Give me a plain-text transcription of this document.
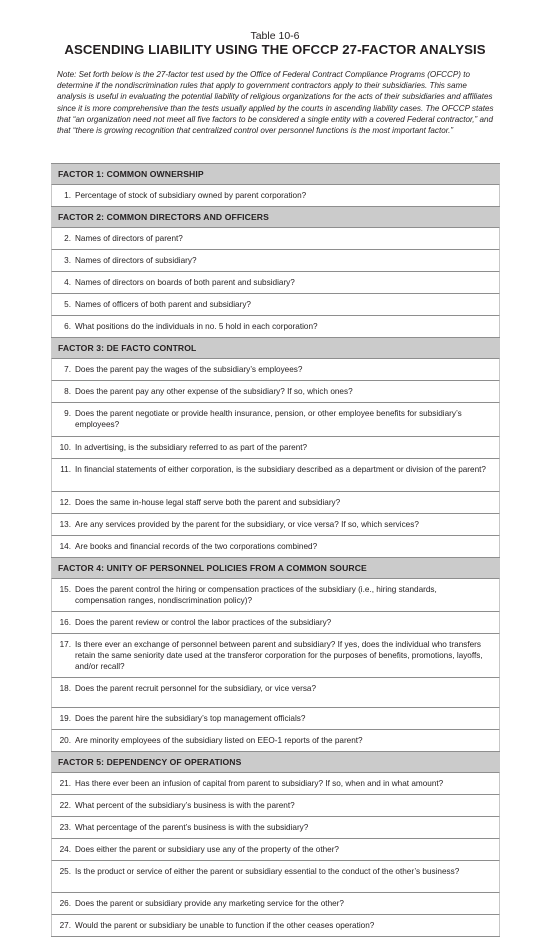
Table 10-6
ASCENDING LIABILITY USING THE OFCCP 27-FACTOR ANALYSIS
Note: Set forth below is the 27-factor test used by the Office of Federal Contract Compliance Programs (OFCCP) to determine if the nondiscrimination rules that apply to government contractors apply to their subsidiaries. This same analysis is useful in evaluating the potential liability of religious organizations for the acts of their subsidiaries and affiliates since it is more comprehensive than the tests usually applied by the courts in ascending liability cases. The OFCCP states that “an organization need not meet all five factors to be considered a single entity with a covered Federal contractor,” and that “there is growing recognition that centralized control over personnel functions is the most important factor.”
FACTOR 1: COMMON OWNERSHIP
1. Percentage of stock of subsidiary owned by parent corporation?
FACTOR 2: COMMON DIRECTORS AND OFFICERS
2. Names of directors of parent?
3. Names of directors of subsidiary?
4. Names of directors on boards of both parent and subsidiary?
5. Names of officers of both parent and subsidiary?
6. What positions do the individuals in no. 5 hold in each corporation?
FACTOR 3: DE FACTO CONTROL
7. Does the parent pay the wages of the subsidiary’s employees?
8. Does the parent pay any other expense of the subsidiary? If so, which ones?
9. Does the parent negotiate or provide health insurance, pension, or other employee benefits for subsidiary’s employees?
10. In advertising, is the subsidiary referred to as part of the parent?
11. In financial statements of either corporation, is the subsidiary described as a department or division of the parent?
12. Does the same in-house legal staff serve both the parent and subsidiary?
13. Are any services provided by the parent for the subsidiary, or vice versa? If so, which services?
14. Are books and financial records of the two corporations combined?
FACTOR 4: UNITY OF PERSONNEL POLICIES FROM A COMMON SOURCE
15. Does the parent control the hiring or compensation practices of the subsidiary (i.e., hiring standards, compensation ranges, nondiscrimination policy)?
16. Does the parent review or control the labor practices of the subsidiary?
17. Is there ever an exchange of personnel between parent and subsidiary? If yes, does the individual who transfers retain the same seniority date used at the transferor corporation for the purposes of benefits, promotions, layoffs, and/or recall?
18. Does the parent recruit personnel for the subsidiary, or vice versa?
19. Does the parent hire the subsidiary’s top management officials?
20. Are minority employees of the subsidiary listed on EEO-1 reports of the parent?
FACTOR 5: DEPENDENCY OF OPERATIONS
21. Has there ever been an infusion of capital from parent to subsidiary? If so, when and in what amount?
22. What percent of the subsidiary’s business is with the parent?
23. What percentage of the parent’s business is with the subsidiary?
24. Does either the parent or subsidiary use any of the property of the other?
25. Is the product or service of either the parent or subsidiary essential to the conduct of the other’s business?
26. Does the parent or subsidiary provide any marketing service for the other?
27. Would the parent or subsidiary be unable to function if the other ceases operation?
